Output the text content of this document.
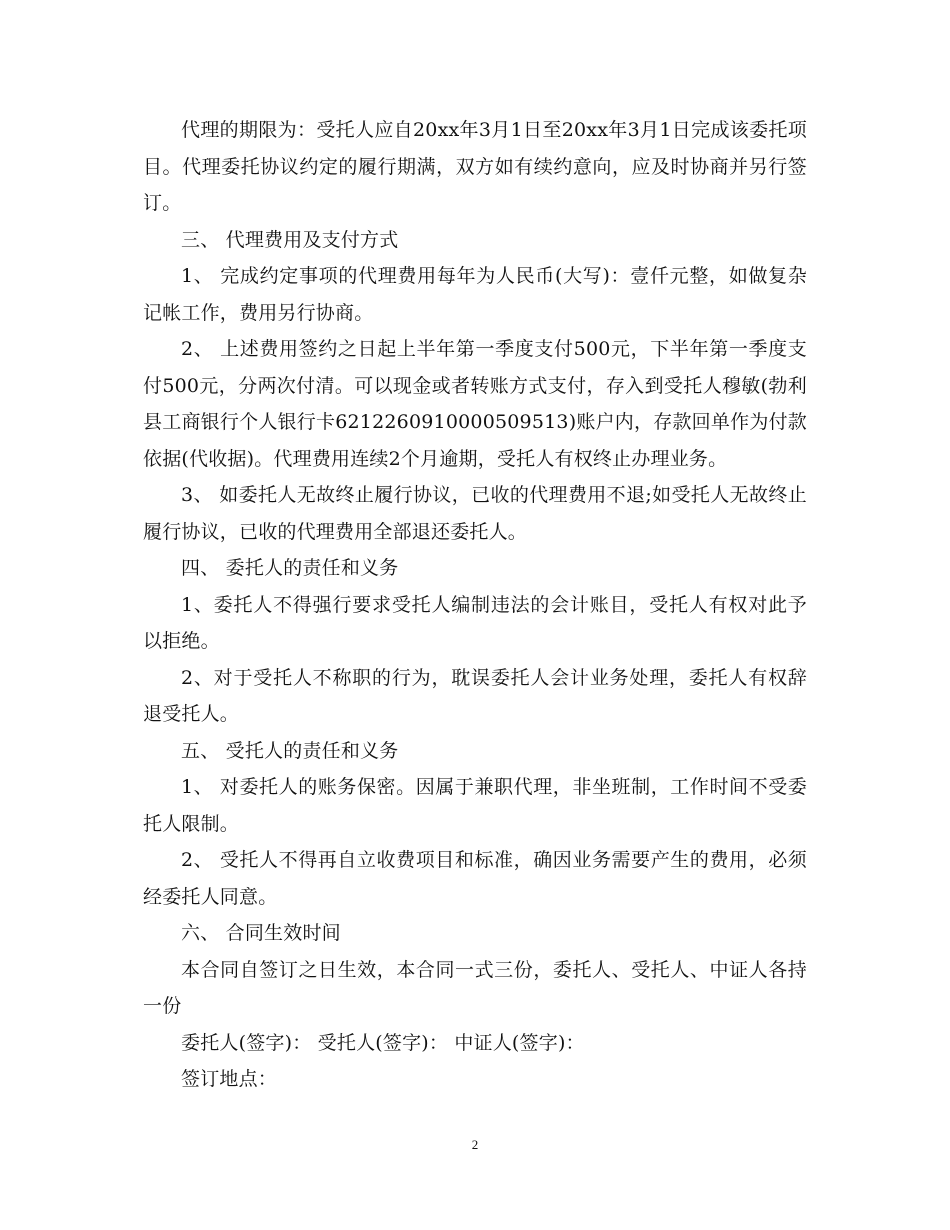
代理的期限为：受托人应自20xx年3月1日至20xx年3月1日完成该委托项目。代理委托协议约定的履行期满，双方如有续约意向，应及时协商并另行签订。

三、 代理费用及支付方式

1、 完成约定事项的代理费用每年为人民币(大写)：壹仟元整，如做复杂记帐工作，费用另行协商。

2、 上述费用签约之日起上半年第一季度支付500元，下半年第一季度支付500元，分两次付清。可以现金或者转账方式支付，存入到受托人穆敏(勃利县工商银行个人银行卡6212260910000509513)账户内，存款回单作为付款依据(代收据)。代理费用连续2个月逾期，受托人有权终止办理业务。

3、 如委托人无故终止履行协议，已收的代理费用不退;如受托人无故终止履行协议，已收的代理费用全部退还委托人。

四、 委托人的责任和义务

1、委托人不得强行要求受托人编制违法的会计账目，受托人有权对此予以拒绝。

2、对于受托人不称职的行为，耽误委托人会计业务处理，委托人有权辞退受托人。

五、 受托人的责任和义务

1、 对委托人的账务保密。因属于兼职代理，非坐班制，工作时间不受委托人限制。

2、 受托人不得再自立收费项目和标准，确因业务需要产生的费用，必须经委托人同意。

六、 合同生效时间

本合同自签订之日生效，本合同一式三份，委托人、受托人、中证人各持一份

委托人(签字)： 受托人(签字)： 中证人(签字)：

签订地点：

2
